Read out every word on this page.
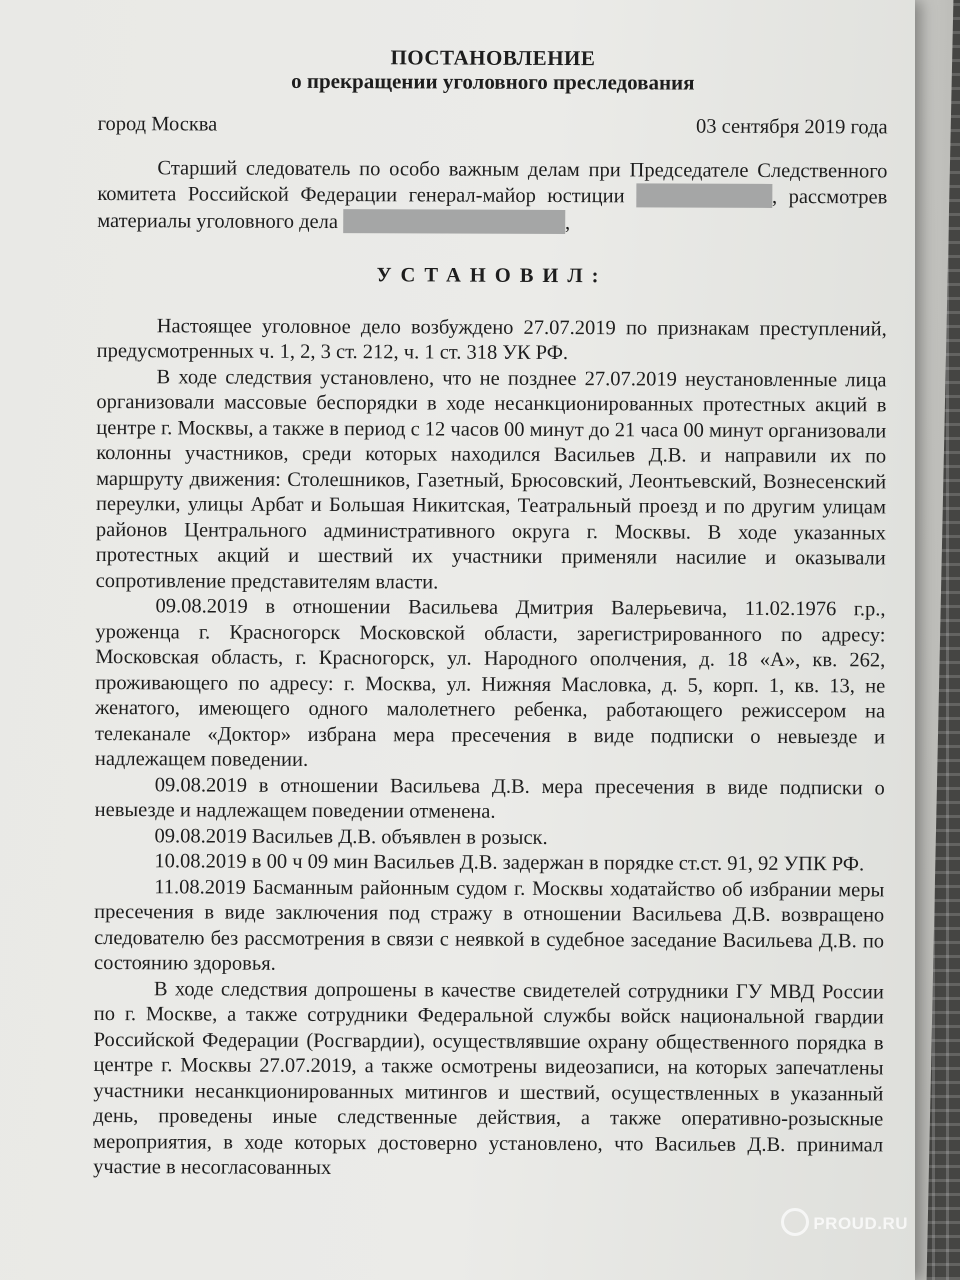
ПОСТАНОВЛЕНИЕ
о прекращении уголовного преследования
город Москва	03 сентября 2019 года

Старший следователь по особо важным делам при Председателе Следственного комитета Российской Федерации генерал-майор юстиции	, рассмотрев материалы уголовного дела	,

УСТАНОВИЛ:

Настоящее уголовное дело возбуждено 27.07.2019 по признакам преступлений, предусмотренных ч. 1, 2, 3 ст. 212, ч. 1 ст. 318 УК РФ.

В ходе следствия установлено, что не позднее 27.07.2019 неустановленные лица организовали массовые беспорядки в ходе несанкционированных протестных акций в центре г. Москвы, а также в период с 12 часов 00 минут до 21 часа 00 минут организовали колонны участников, среди которых находился Васильев Д.В. и направили их по маршруту движения: Столешников, Газетный, Брюсовский, Леонтьевский, Вознесенский переулки, улицы Арбат и Большая Никитская, Театральный проезд и по другим улицам районов Центрального административного округа г. Москвы. В ходе указанных протестных акций и шествий их участники применяли насилие и оказывали сопротивление представителям власти.

09.08.2019 в отношении Васильева Дмитрия Валерьевича, 11.02.1976 г.р., уроженца г. Красногорск Московской области, зарегистрированного по адресу: Московская область, г. Красногорск, ул. Народного ополчения, д. 18 «А», кв. 262, проживающего по адресу: г. Москва, ул. Нижняя Масловка, д. 5, корп. 1, кв. 13, не женатого, имеющего одного малолетнего ребенка, работающего режиссером на телеканале «Доктор» избрана мера пресечения в виде подписки о невыезде и надлежащем поведении.

09.08.2019 в отношении Васильева Д.В. мера пресечения в виде подписки о невыезде и надлежащем поведении отменена.

09.08.2019 Васильев Д.В. объявлен в розыск.

10.08.2019 в 00 ч 09 мин Васильев Д.В. задержан в порядке ст.ст. 91, 92 УПК РФ.

11.08.2019 Басманным районным судом г. Москвы ходатайство об избрании меры пресечения в виде заключения под стражу в отношении Васильева Д.В. возвращено следователю без рассмотрения в связи с неявкой в судебное заседание Васильева Д.В. по состоянию здоровья.

В ходе следствия допрошены в качестве свидетелей сотрудники ГУ МВД России по г. Москве, а также сотрудники Федеральной службы войск национальной гвардии Российской Федерации (Росгвардии), осуществлявшие охрану общественного порядка в центре г. Москвы 27.07.2019, а также осмотрены видеозаписи, на которых запечатлены участники несанкционированных митингов и шествий, осуществленных в указанный день, проведены иные следственные действия, а также оперативно-розыскные мероприятия, в ходе которых достоверно установлено, что Васильев Д.В. принимал участие в несогласованных

PROUD.RU
